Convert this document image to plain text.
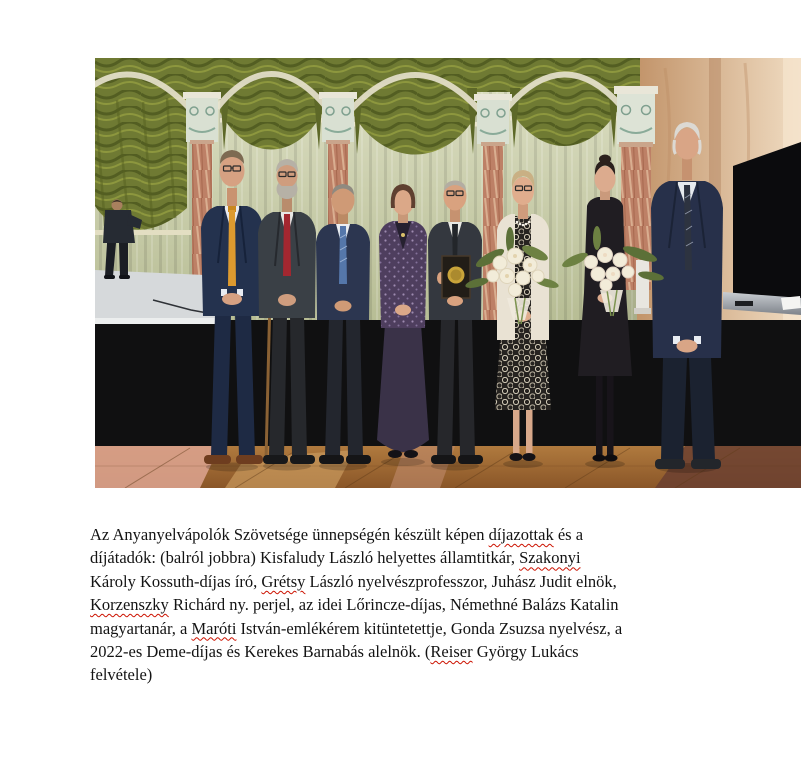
Az Anyanyelvápolók Szövetsége ünnepségén készült képen díjazottak és a
díjátadók: (balról jobbra) Kisfaludy László helyettes államtitkár, Szakonyi
Károly Kossuth-díjas író, Grétsy László nyelvészprofesszor, Juhász Judit elnök,
Korzenszky Richárd ny. perjel, az idei Lőrincze-díjas, Némethné Balázs Katalin
magyartanár, a Maróti István-emlékérem kitüntetettje, Gonda Zsuzsa nyelvész, a
2022-es Deme-díjas és Kerekes Barnabás alelnök. (Reiser György Lukács
felvétele)
